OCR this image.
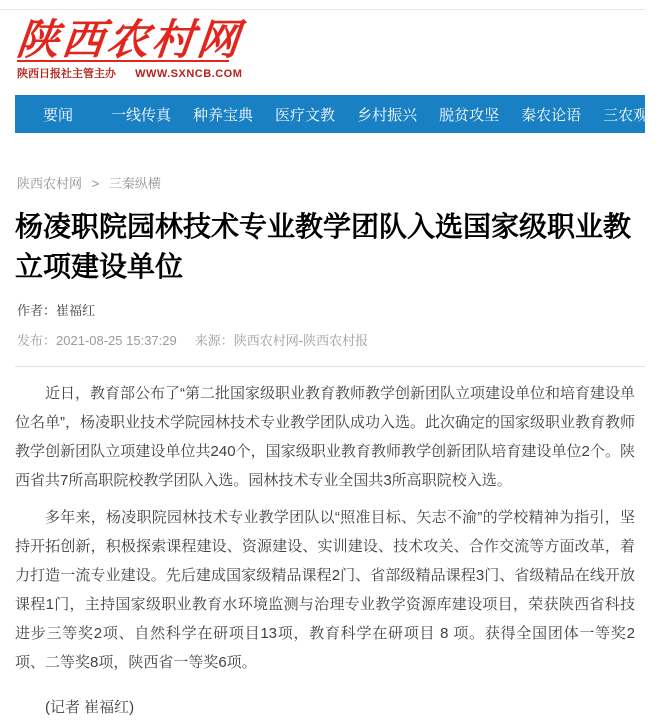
陕西农村网
陕西日报社主管主办 WWW.SXNCB.COM
要闻	一线传真 种养宝典 医疗文教 乡村振兴 脱贫攻坚 秦农论语 三农观察
陕西农村网 > 三秦纵横
杨凌职院园林技术专业教学团队入选国家级职业教
立项建设单位
作者：崔福红
发布：2021-08-25 15:37:29 来源：陕西农村网-陕西农村报

近日，教育部公布了“第二批国家级职业教育教师教学创新团队立项建设单位和培育建设单位名单”，杨凌职业技术学院园林技术专业教学团队成功入选。此次确定的国家级职业教育教师教学创新团队立项建设单位共240个，国家级职业教育教师教学创新团队培育建设单位2个。陕西省共7所高职院校教学团队入选。园林技术专业全国共3所高职院校入选。

多年来，杨凌职院园林技术专业教学团队以“照准目标、矢志不渝”的学校精神为指引，坚持开拓创新，积极探索课程建设、资源建设、实训建设、技术攻关、合作交流等方面改革，着力打造一流专业建设。先后建成国家级精品课程2门、省部级精品课程3门、省级精品在线开放课程1门，主持国家级职业教育水环境监测与治理专业教学资源库建设项目，荣获陕西省科技进步三等奖2项、自然科学在研项目13项，教育科学在研项目 8 项。获得全国团体一等奖2项、二等奖8项，陕西省一等奖6项。

(记者 崔福红)
